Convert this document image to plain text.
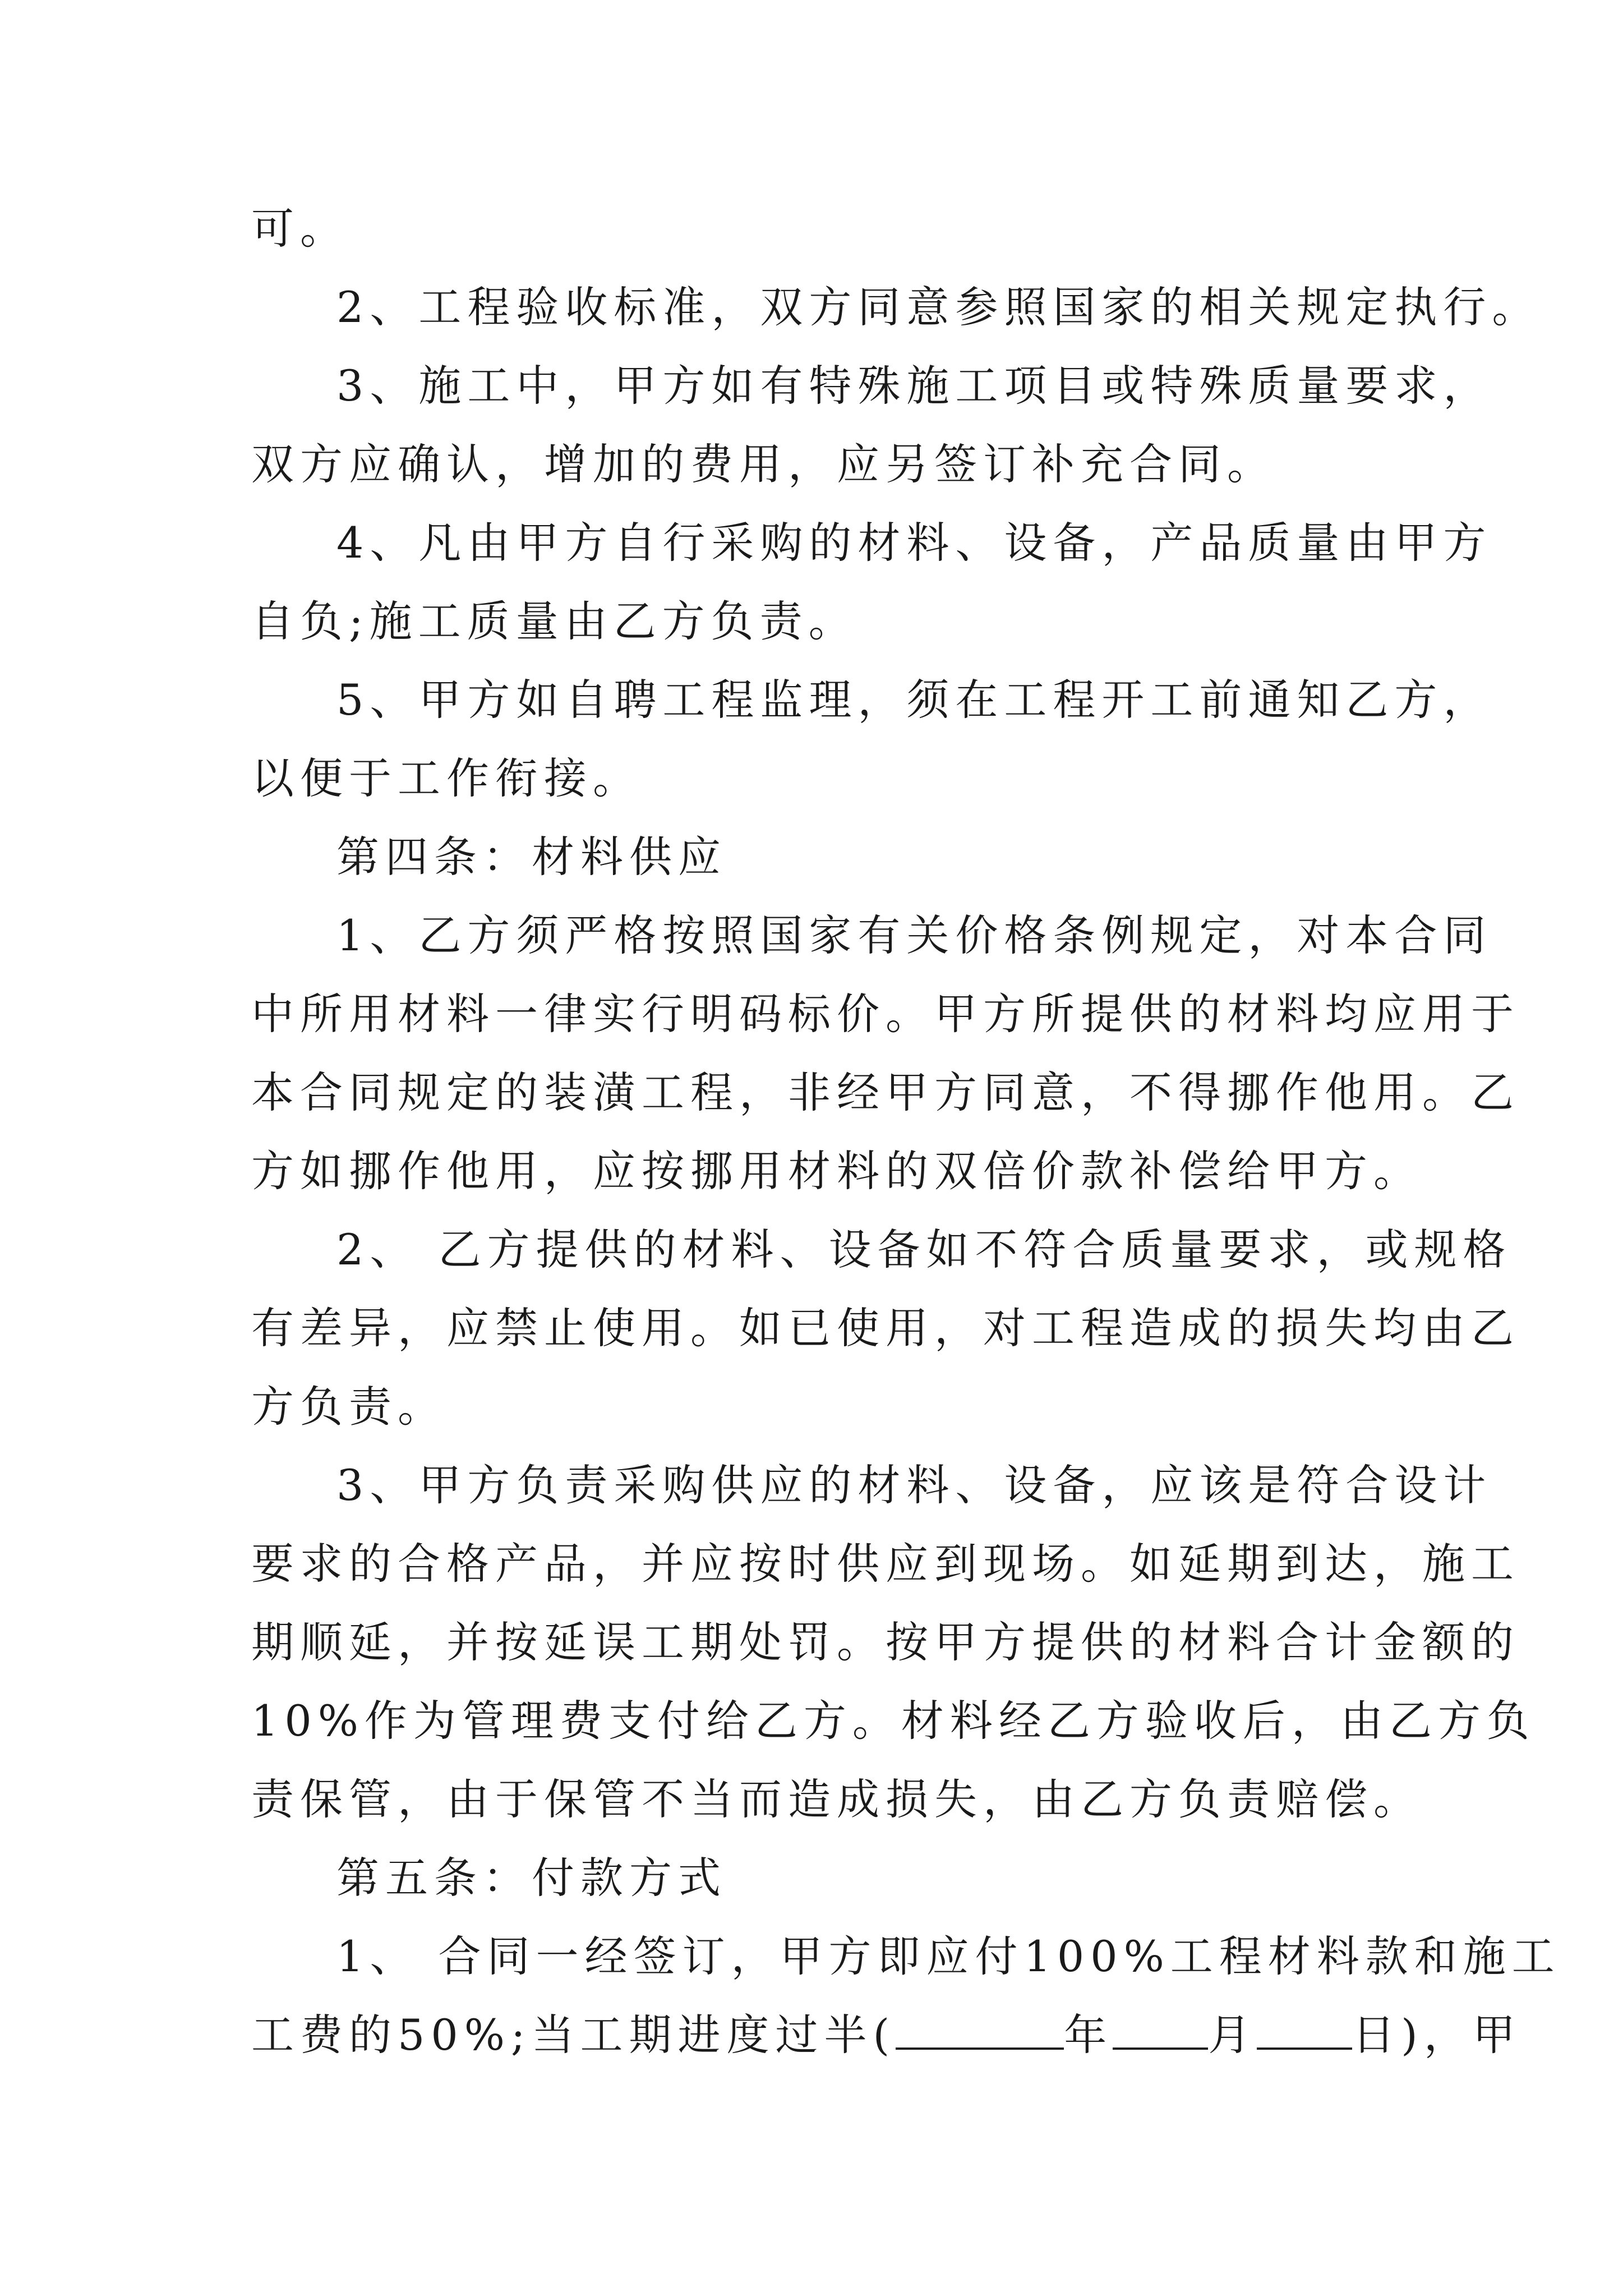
可。
2、工程验收标准，双方同意参照国家的相关规定执行。
3、施工中，甲方如有特殊施工项目或特殊质量要求，
双方应确认，增加的费用，应另签订补充合同。
4、凡由甲方自行采购的材料、设备，产品质量由甲方
自负;施工质量由乙方负责。
5、甲方如自聘工程监理，须在工程开工前通知乙方，
以便于工作衔接。
第四条：材料供应
1、乙方须严格按照国家有关价格条例规定，对本合同
中所用材料一律实行明码标价。甲方所提供的材料均应用于
本合同规定的装潢工程，非经甲方同意，不得挪作他用。乙
方如挪作他用，应按挪用材料的双倍价款补偿给甲方。
2、 乙方提供的材料、设备如不符合质量要求，或规格
有差异，应禁止使用。如已使用，对工程造成的损失均由乙
方负责。
3、甲方负责采购供应的材料、设备，应该是符合设计
要求的合格产品，并应按时供应到现场。如延期到达，施工
期顺延，并按延误工期处罚。按甲方提供的材料合计金额的
10%作为管理费支付给乙方。材料经乙方验收后，由乙方负
责保管，由于保管不当而造成损失，由乙方负责赔偿。
第五条：付款方式
1、 合同一经签订，甲方即应付100%工程材料款和施工
工费的50%;当工期进度过半(	年 月 日)，甲
